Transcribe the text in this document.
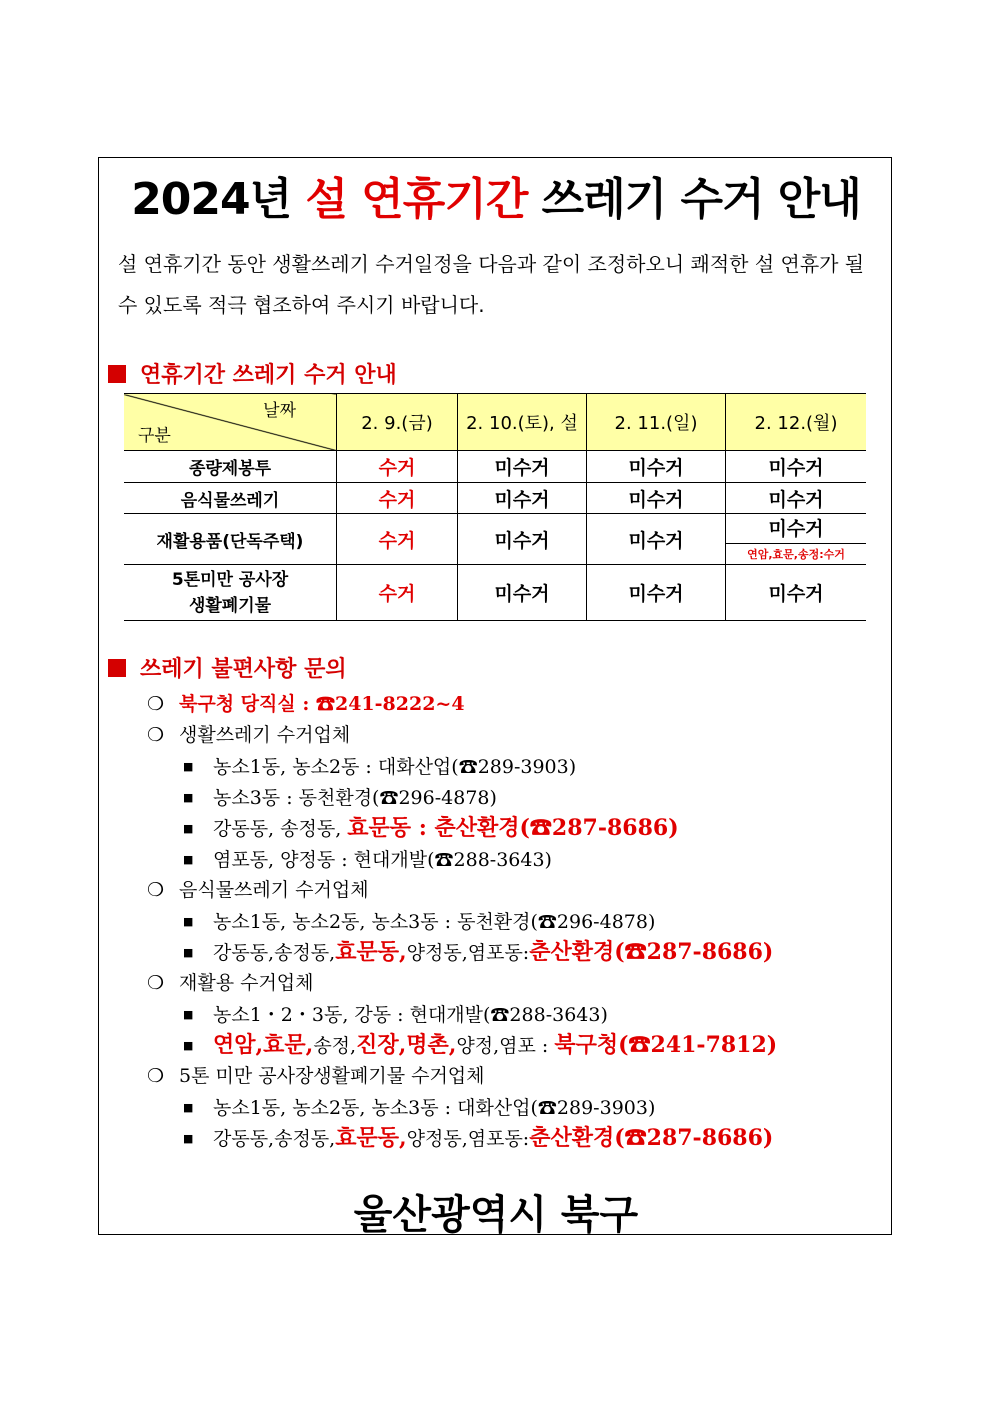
2024년 설 연휴기간 쓰레기 수거 안내
설 연휴기간 동안 생활쓰레기 수거일정을 다음과 같이 조정하오니 쾌적한 설 연휴가 될 수 있도록 적극 협조하여 주시기 바랍니다.
연휴기간 쓰레기 수거 안내
날짜
구분	2. 9.(금)	2. 10.(토), 설	2. 11.(일)	2. 12.(월)
종량제봉투	수거	미수거	미수거	미수거
음식물쓰레기	수거	미수거	미수거	미수거
재활용품(단독주택)	수거	미수거	미수거	미수거
연암,효문,송정:수거

5톤미만 공사장
생활폐기물	수거	미수거	미수거	미수거
쓰레기 불편사항 문의
❍ 북구청 당직실 : ☎241-8222~4
❍ 생활쓰레기 수거업체
■ 농소1동, 농소2동 : 대화산업(☎289-3903)
■ 농소3동 : 동천환경(☎296-4878)
■ 강동동, 송정동, 효문동 : 춘산환경(☎287-8686)
■ 염포동, 양정동 : 현대개발(☎288-3643)
❍ 음식물쓰레기 수거업체
■ 농소1동, 농소2동, 농소3동 : 동천환경(☎296-4878)
■ 강동동,송정동,효문동,양정동,염포동:춘산환경(☎287-8686)
❍ 재활용 수거업체
■ 농소1・2・3동, 강동 : 현대개발(☎288-3643)
■ 연암,효문,송정,진장,명촌,양정,염포 : 북구청(☎241-7812)
❍ 5톤 미만 공사장생활폐기물 수거업체
■ 농소1동, 농소2동, 농소3동 : 대화산업(☎289-3903)
■ 강동동,송정동,효문동,양정동,염포동:춘산환경(☎287-8686)
울산광역시 북구
